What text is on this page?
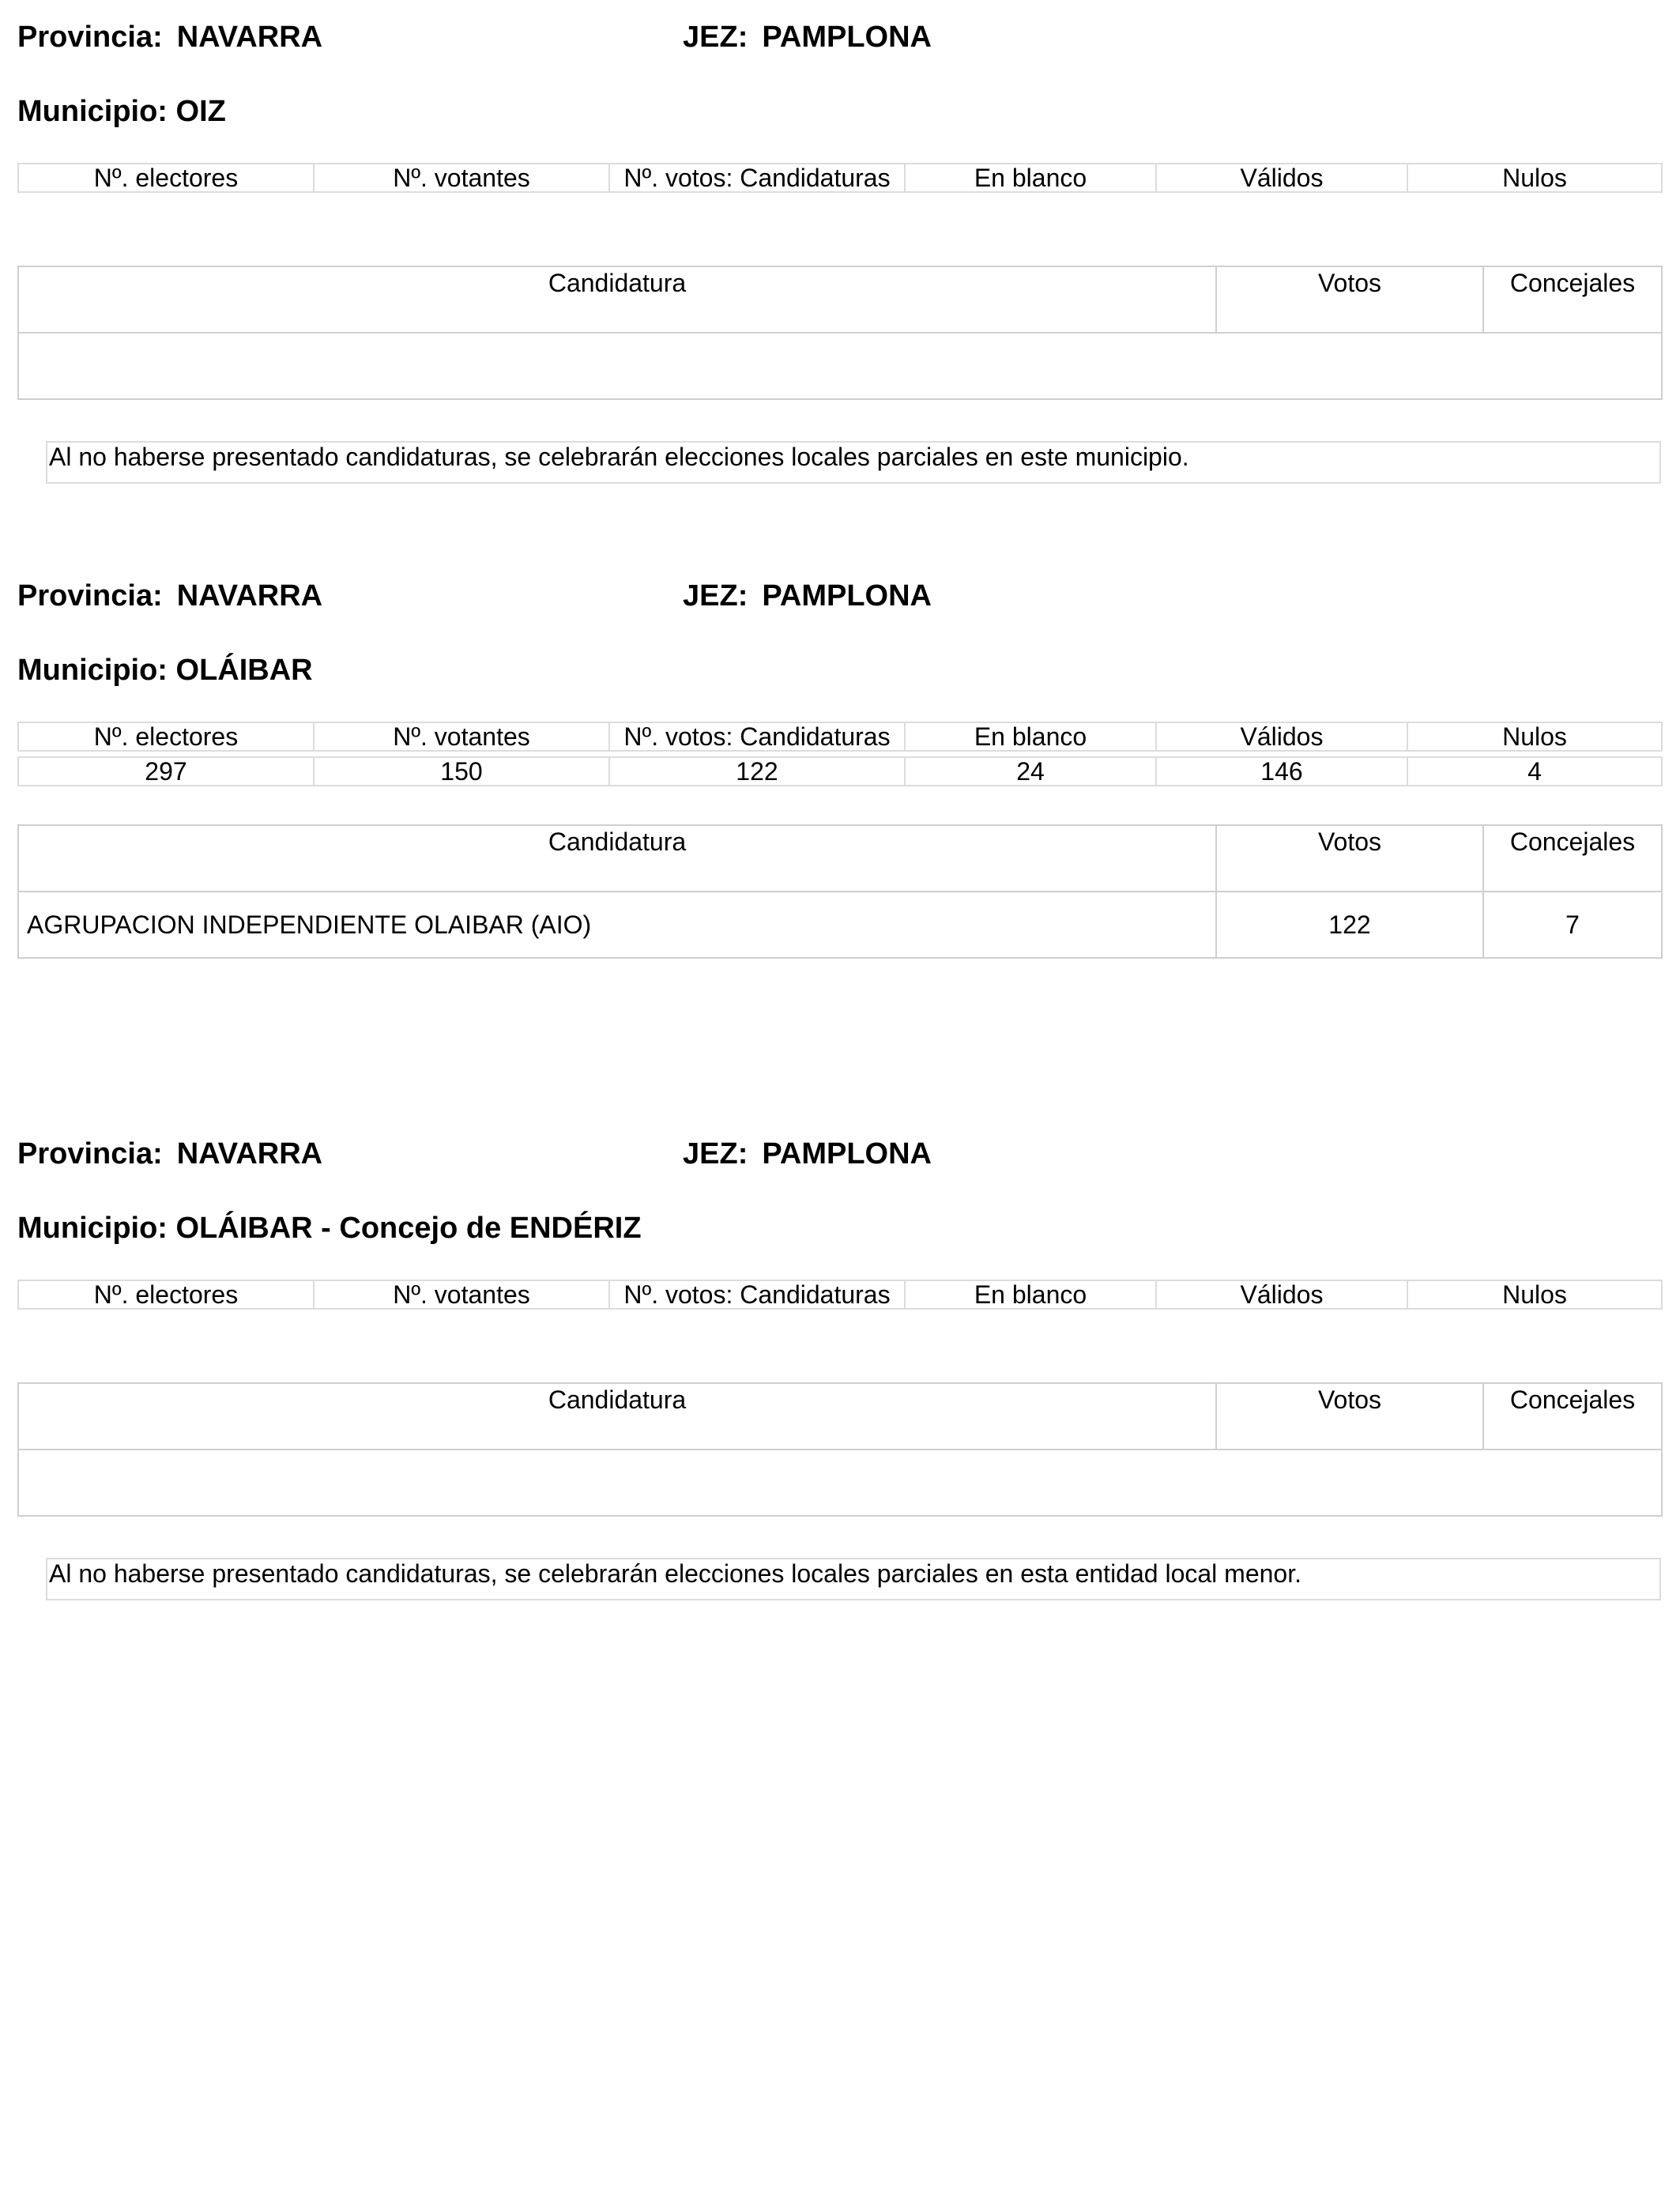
Provincia: NAVARRA	JEZ: PAMPLONA
Municipio: OIZ
Nº. electores	Nº. votantes	Nº. votos: Candidaturas	En blanco	Válidos	Nulos
Candidatura	Votos	Concejales

Al no haberse presentado candidaturas, se celebrarán elecciones locales parciales en este municipio.
Provincia: NAVARRA	JEZ: PAMPLONA
Municipio: OLÁIBAR
Nº. electores	Nº. votantes	Nº. votos: Candidaturas	En blanco	Válidos	Nulos
297	150	122	24	146	4
Candidatura	Votos	Concejales
AGRUPACION INDEPENDIENTE OLAIBAR (AIO)	122	7
Provincia: NAVARRA	JEZ: PAMPLONA
Municipio: OLÁIBAR - Concejo de ENDÉRIZ
Nº. electores	Nº. votantes	Nº. votos: Candidaturas	En blanco	Válidos	Nulos
Candidatura	Votos	Concejales

Al no haberse presentado candidaturas, se celebrarán elecciones locales parciales en esta entidad local menor.
